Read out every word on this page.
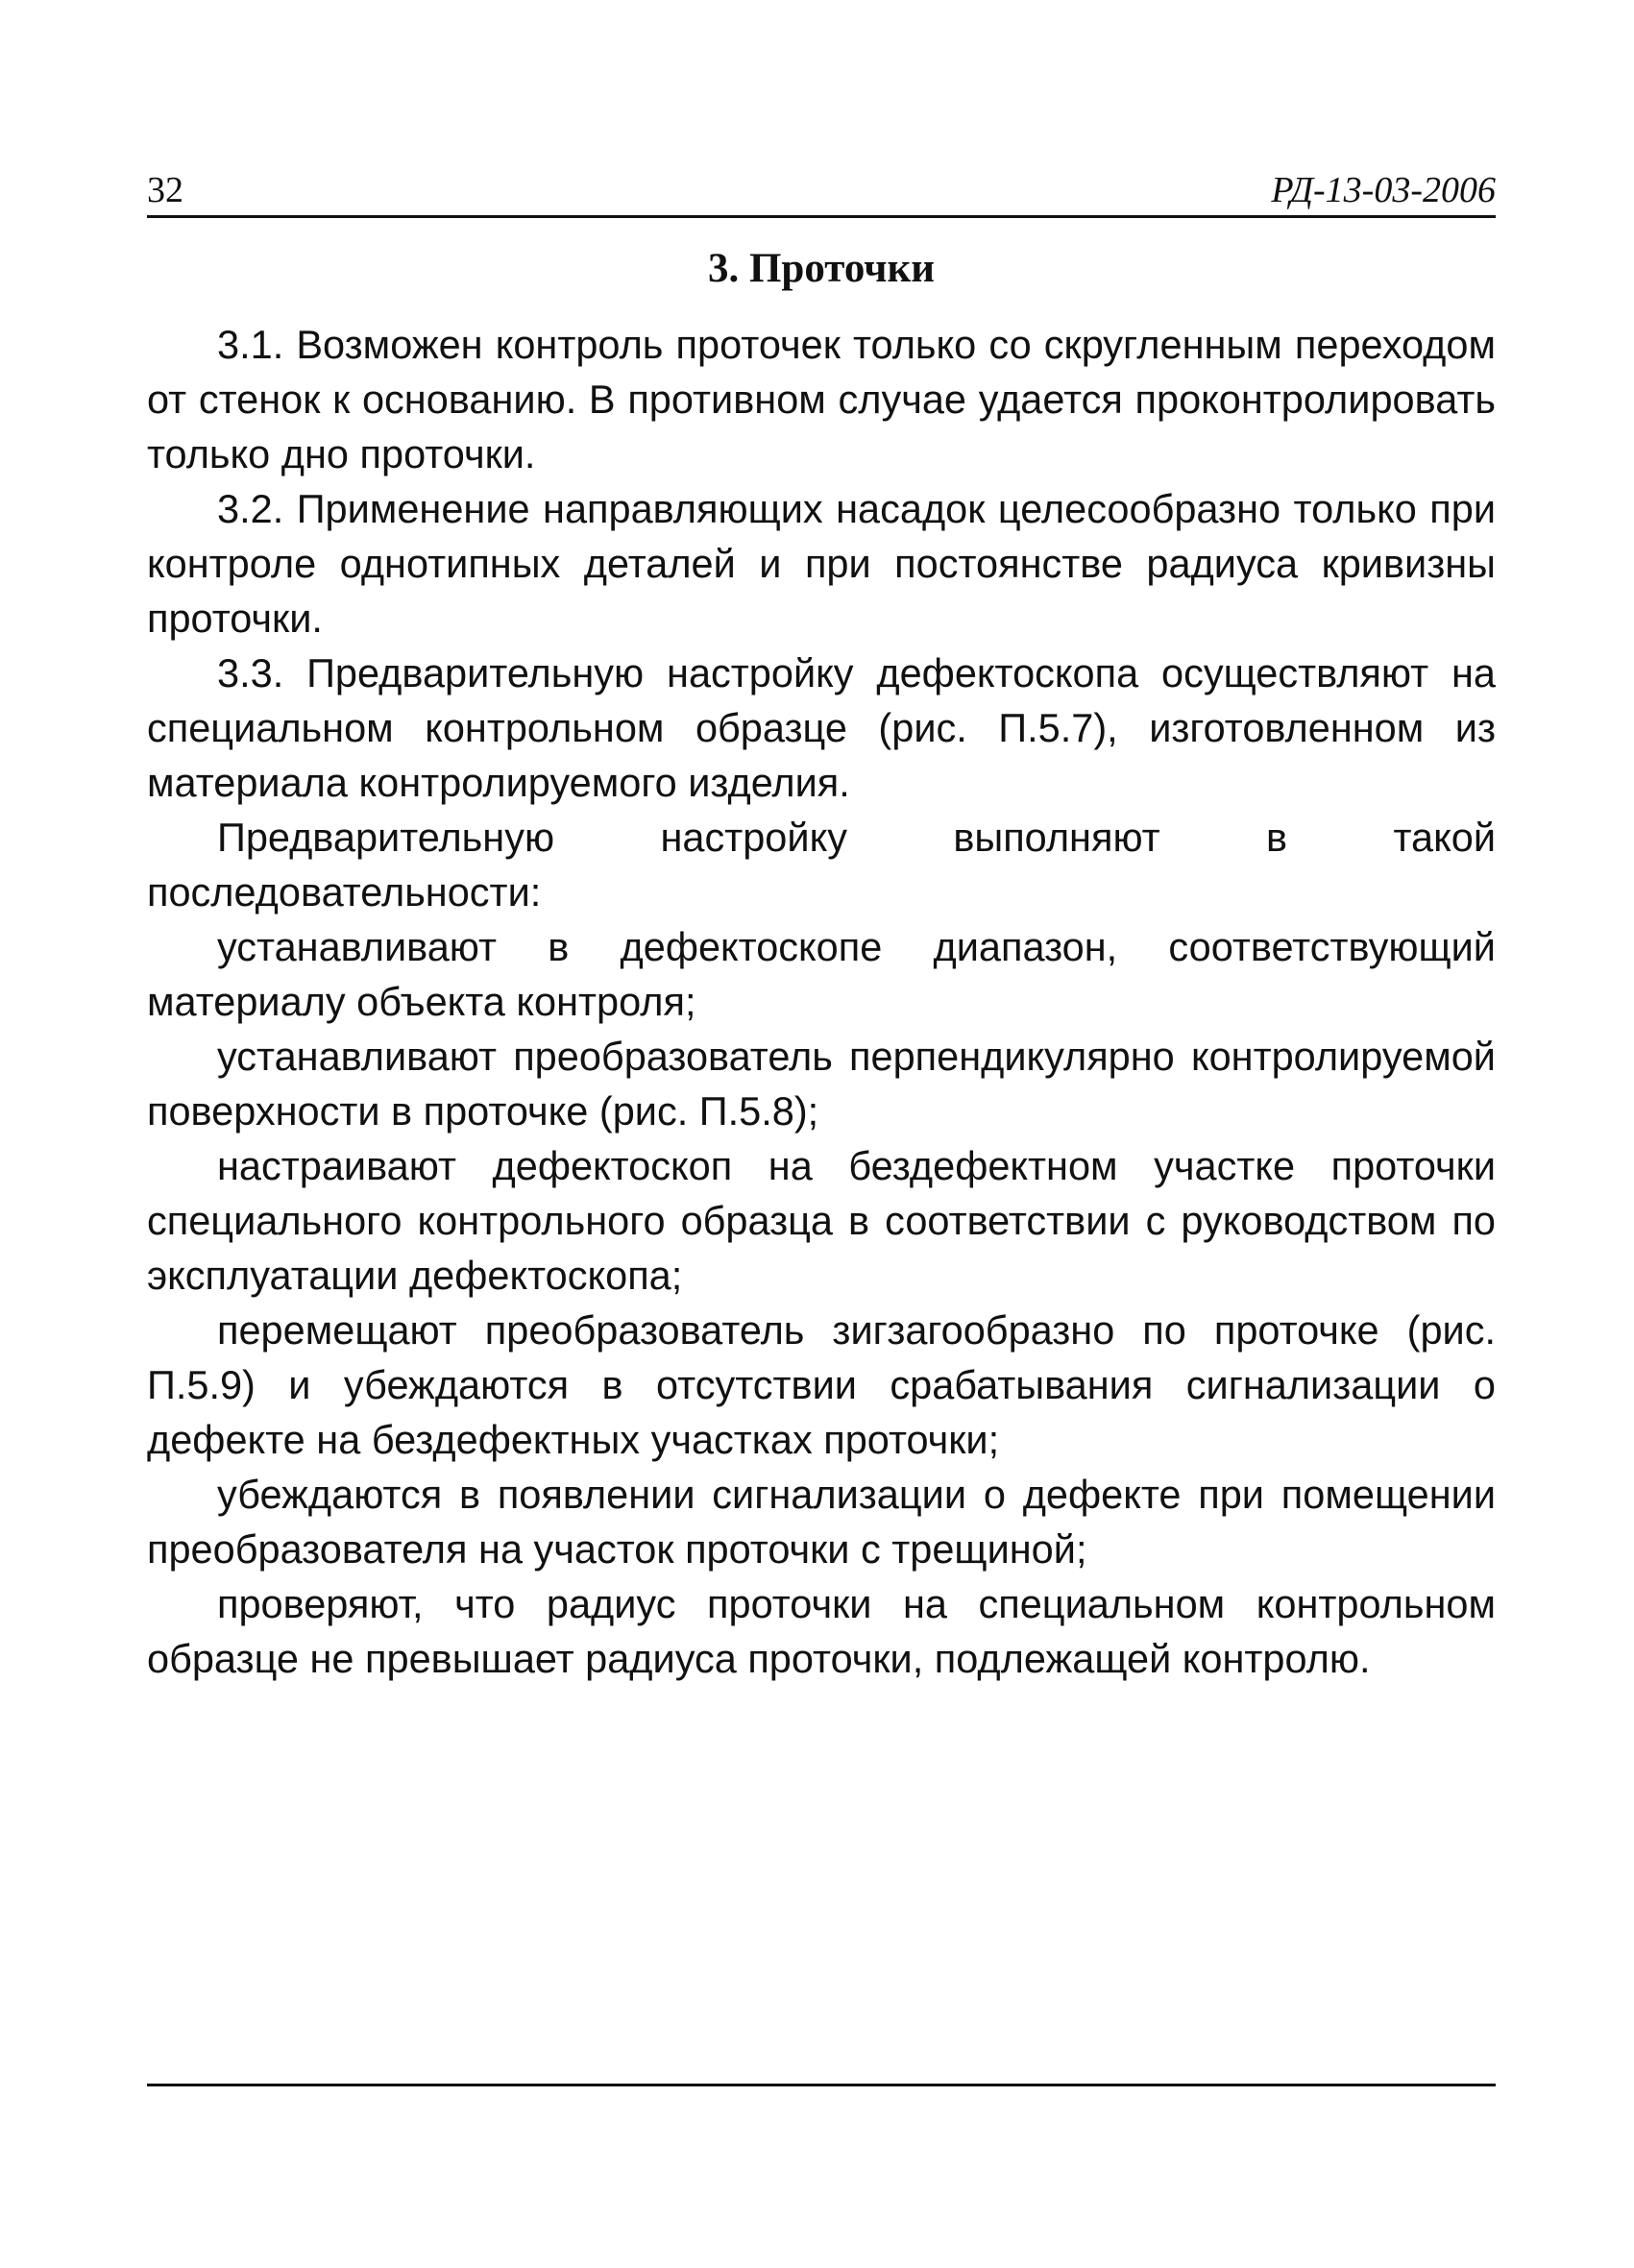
32	РД-13-03-2006
3. Проточки

3.1. Возможен контроль проточек только со скругленным переходом от стенок к основанию. В противном случае удается проконтролировать только дно проточки.

3.2. Применение направляющих насадок целесообразно только при контроле однотипных деталей и при постоянстве радиуса кривизны проточки.

3.3. Предварительную настройку дефектоскопа осуществляют на специальном контрольном образце (рис. П.5.7), изготовленном из материала контролируемого изделия.

Предварительную настройку выполняют в такой последовательности:

устанавливают в дефектоскопе диапазон, соответствующий материалу объекта контроля;

устанавливают преобразователь перпендикулярно контролируемой поверхности в проточке (рис. П.5.8);

настраивают дефектоскоп на бездефектном участке проточки специального контрольного образца в соответствии с руководством по эксплуатации дефектоскопа;

перемещают преобразователь зигзагообразно по проточке (рис. П.5.9) и убеждаются в отсутствии срабатывания сигнализации о дефекте на бездефектных участках проточки;

убеждаются в появлении сигнализации о дефекте при помещении преобразователя на участок проточки с трещиной;

проверяют, что радиус проточки на специальном контрольном образце не превышает радиуса проточки, подлежащей контролю.
